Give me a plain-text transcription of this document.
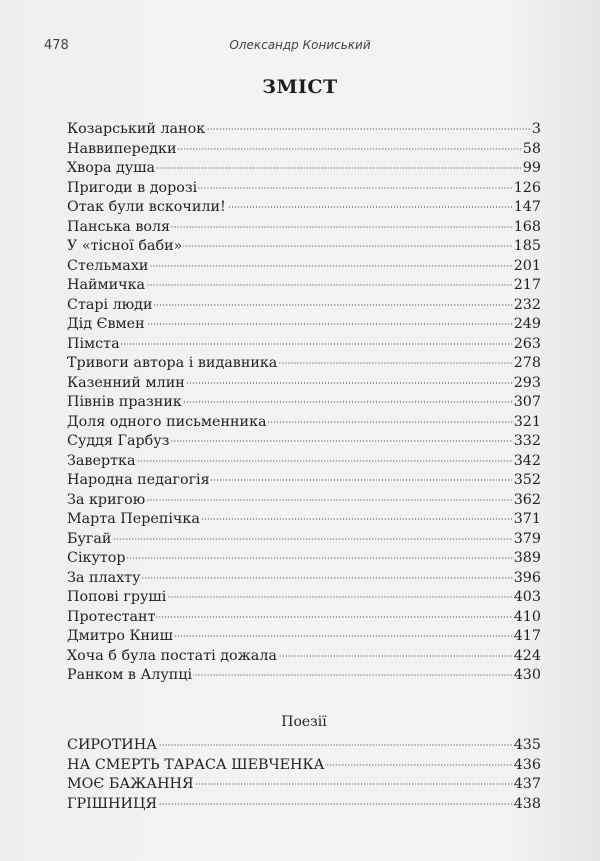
478	Олександр Кониський
ЗМІСТ
Козарський ланок	3
Наввипередки	58
Хвора душа	99
Пригоди в дорозі	126
Отак були вскочили!	147
Панська воля	168
У «тісної баби»	185
Стельмахи	201
Наймичка	217
Старі люди	232
Дід Євмен	249
Пімста	263
Тривоги автора і видавника	278
Казенний млин	293
Півнів празник	307
Доля одного письменника	321
Суддя Гарбуз	332
Завертка	342
Народна педагогія	352
За кригою	362
Марта Перепічка	371
Бугай	379
Сікутор	389
За плахту	396
Попові груші	403
Протестант	410
Дмитро Книш	417
Хоча б була постаті дожала	424
Ранком в Алупці	430
Поезії
СИРОТИНА	435
НА СМЕРТЬ ТАРАСА ШЕВЧЕНКА	436
МОЄ БАЖАННЯ	437
ГРІШНИЦЯ	438
